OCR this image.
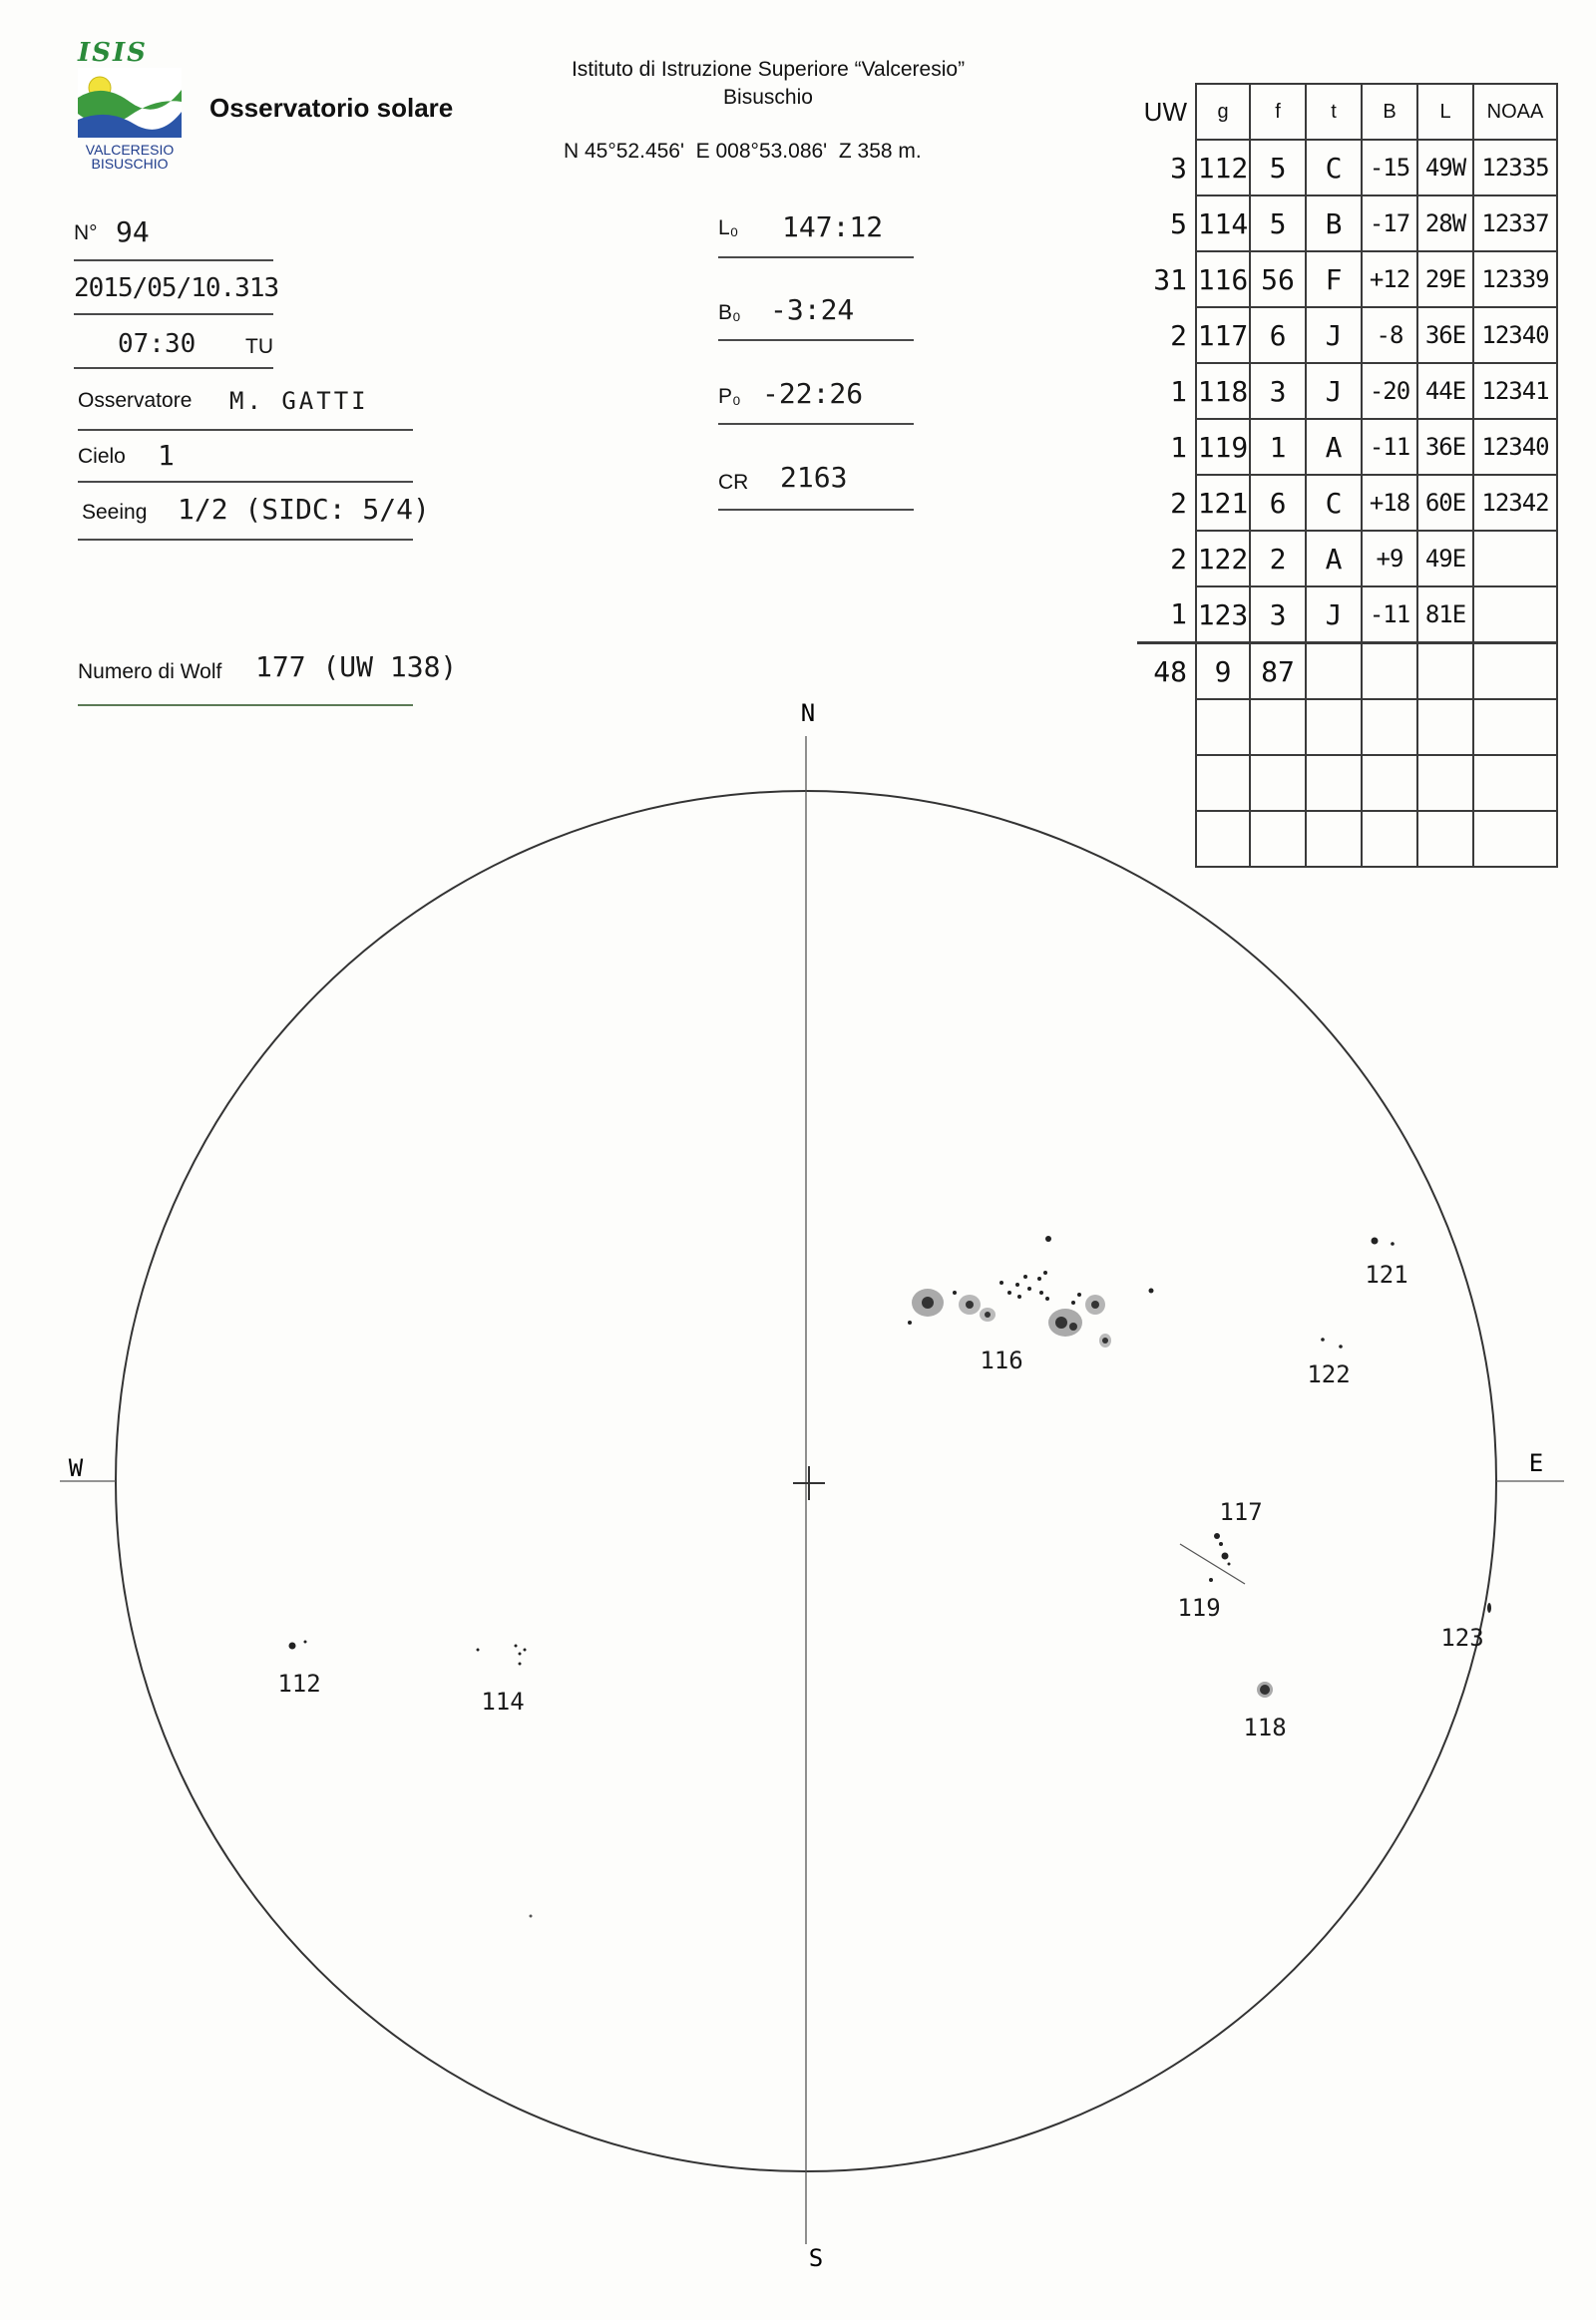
ISIS
VALCERESIO
BISUSCHIO
Osservatorio solare
Istituto di Istruzione Superiore “Valceresio”
Bisuschio
N 45°52.456'  E 008°53.086'  Z 358 m.
N° 94
2015/05/10.313
07:30 TU
Osservatore M. GATTI
Cielo 1
Seeing 1/2 (SIDC: 5/4)
Numero di Wolf 177 (UW 138)
L₀ 147:12
B₀ -3:24
P₀ -22:26
CR 2163
UW	g	f	t	B	L	NOAA
3	112	5	C	-15	49W	12335
5	114	5	B	-17	28W	12337
31	116	56	F	+12	29E	12339
2	117	6	J	-8	36E	12340
1	118	3	J	-20	44E	12341
1	119	1	A	-11	36E	12340
2	121	6	C	+18	60E	12342
2	122	2	A	+9	49E	
1	123	3	J	-11	81E	
48	9	87				

N
S
W	E
116
121
122
117
119
123
118
112
114
